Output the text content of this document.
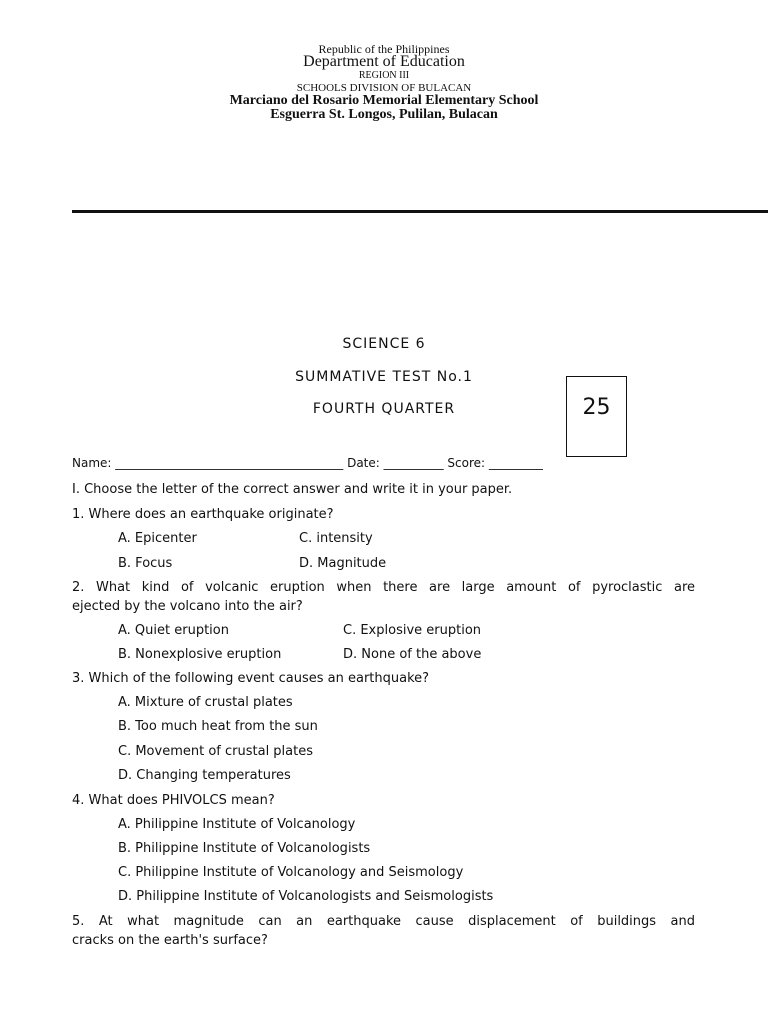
Republic of the Philippines
Department of Education
REGION III
SCHOOLS DIVISION OF BULACAN
Marciano del Rosario Memorial Elementary School
Esguerra St. Longos, Pulilan, Bulacan
SCIENCE 6
SUMMATIVE TEST No.1
FOURTH QUARTER	25
Name: ______________________________________ Date: __________ Score: _________
I. Choose the letter of the correct answer and write it in your paper.
1. Where does an earthquake originate?
A. Epicenter	C. intensity
B. Focus	D. Magnitude
2. What kind of volcanic eruption when there are large amount of pyroclastic are
ejected by the volcano into the air?
A. Quiet eruption	C. Explosive eruption
B. Nonexplosive eruption	D. None of the above
3. Which of the following event causes an earthquake?
A. Mixture of crustal plates
B. Too much heat from the sun
C. Movement of crustal plates
D. Changing temperatures
4. What does PHIVOLCS mean?
A. Philippine Institute of Volcanology
B. Philippine Institute of Volcanologists
C. Philippine Institute of Volcanology and Seismology
D. Philippine Institute of Volcanologists and Seismologists
5. At what magnitude can an earthquake cause displacement of buildings and
cracks on the earth's surface?
